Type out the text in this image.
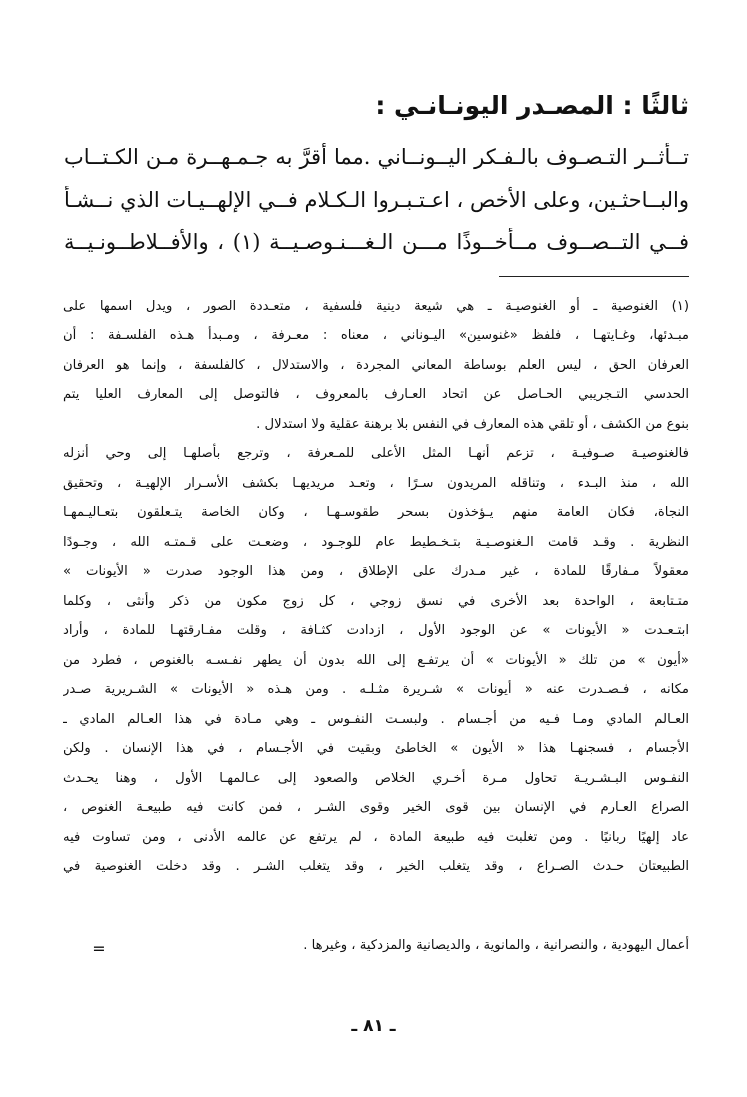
ثالثًا : المصـدر اليونـانـي :
تــأثــر التـصـوف بالـفـكر اليــونــاني .مما أقرَّ به جـمـهــرة مـن الكـتــاب
والبــاحثـين، وعلى الأخص ، اعـتـبـروا الـكـلام فــي الإلهــيـات الذي نــشـأ
فــي التــصــوف مــأخــوذًا مـــن الـغـــنـوصـيــة (١) ، والأفــلاطــونـيــة
(١) الغنوصية ـ أو الغنوصيـة ـ هي شيعة دينية فلسفية ، متعـددة الصور ، ويدل اسمها على
مبـدئها، وغـايتهـا ، فلفظ «غنوسين» اليـوناني ، معناه : معـرفة ، ومـبدأ هـذه الفلسـفة : أن
العرفان الحق ، ليس العلم بوساطة المعاني المجردة ، والاستدلال ، كالفلسفة ، وإنما هو العرفان
الحدسي التـجريبي الحـاصل عن اتحاد العـارف بالمعروف ، فالتوصل إلى المعارف العليا يتم
بنوع من الكشف ، أو تلقي هذه المعارف في النفس بلا برهنة عقلية ولا استدلال .
فالغنوصيـة صـوفيـة ، تزعم أنهـا المثل الأعلى للمـعرفة ، وترجع بأصلهـا إلى وحي أنزله
الله ، منذ البـدء ، وتناقله المريدون سـرًا ، وتعـد مريديهـا بكشف الأسـرار الإلهيـة ، وتحقيق
النجاة، فكان العامة منهم يـؤخذون بسحر طقوسـهـا ، وكان الخاصة يتـعلقون بتعـاليـمهـا
النظرية . وقـد قامت الـغنوصـيـة بتـخـطيط عام للوجـود ، وضعـت على قـمتـه الله ، وجـودًا
معقولاً مـفارقًا للمادة ، غير مـدرك على الإطلاق ، ومن هذا الوجود صدرت « الأيونات »
متـتابعة ، الواحدة بعد الأخرى في نسق زوجي ، كل زوج مكون من ذكر وأنثى ، وكلما
ابتـعـدت « الأيونات » عن الوجود الأول ، ازدادت كثـافة ، وقلت مفـارقتهـا للمادة ، وأراد
«أيون » من تلك « الأيونات » أن يرتفـع إلى الله بدون أن يطهر نفـسـه بالغنوص ، فطرد من
مكانه ، فـصـدرت عنه « أيونات » شـريرة مثـلـه . ومن هـذه « الأيونات » الشـريرية صـدر
العـالم المادي ومـا فـيه من أجـسام . ولبسـت النفـوس ـ وهي مـادة في هذا العـالم المادي ـ
الأجسام ، فسجنهـا هذا « الأيون » الخاطئ وبقيت في الأجـسام ، في هذا الإنسان . ولكن
النفـوس البـشـريـة تحاول مـرة أخـري الخلاص والصعود إلى عـالمهـا الأول ، وهنا يحـدث
الصراع العـارم في الإنسان بين قوى الخير وقوى الشـر ، فمن كانت فيه طبيعـة الغنوص ،
عاد إلهيًا ربانيًا . ومن تغلبت فيه طبيعة المادة ، لم يرتفع عن عالمه الأدنى ، ومن تساوت فيه
الطبيعتان حـدث الصـراع ، وقد يتغلب الخير ، وقد يتغلب الشـر . وقد دخلت الغنوصية في
أعمال اليهودية ، والنصرانية ، والمانوية ، والديصانية والمزدكية ، وغيرها .
=
ـ ٨١ ـ
